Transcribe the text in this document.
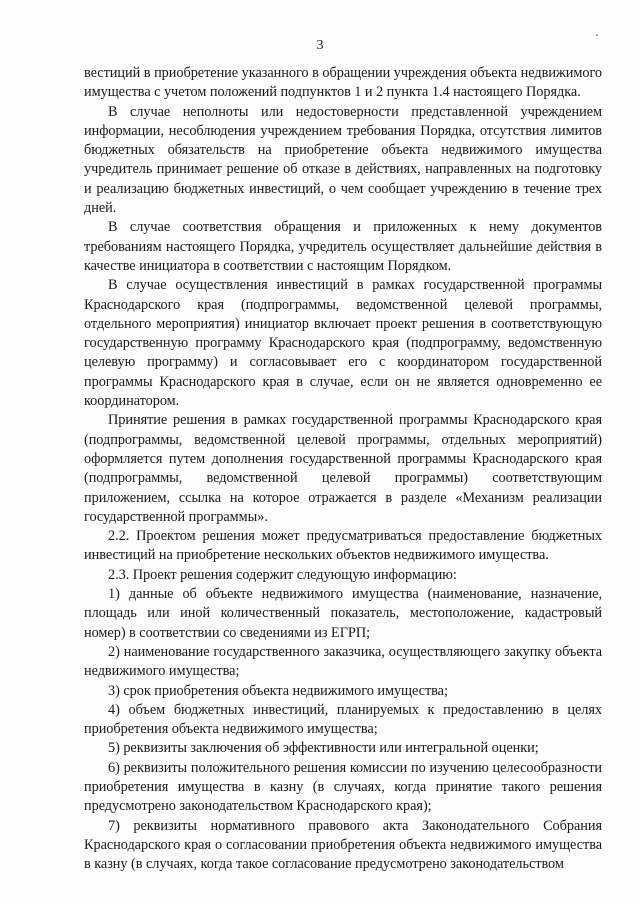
3

вестиций в приобретение указанного в обращении учреждения объекта недвижимого имущества с учетом положений подпунктов 1 и 2 пункта 1.4 настоящего Порядка.

В случае неполноты или недостоверности представленной учреждением информации, несоблюдения учреждением требования Порядка, отсутствия лимитов бюджетных обязательств на приобретение объекта недвижимого имущества учредитель принимает решение об отказе в действиях, направленных на подготовку и реализацию бюджетных инвестиций, о чем сообщает учреждению в течение трех дней.

В случае соответствия обращения и приложенных к нему документов требованиям настоящего Порядка, учредитель осуществляет дальнейшие действия в качестве инициатора в соответствии с настоящим Порядком.

В случае осуществления инвестиций в рамках государственной программы Краснодарского края (подпрограммы, ведомственной целевой программы, отдельного мероприятия) инициатор включает проект решения в соответствующую государственную программу Краснодарского края (подпрограмму, ведомственную целевую программу) и согласовывает его с координатором государственной программы Краснодарского края в случае, если он не является одновременно ее координатором.

Принятие решения в рамках государственной программы Краснодарского края (подпрограммы, ведомственной целевой программы, отдельных мероприятий) оформляется путем дополнения государственной программы Краснодарского края (подпрограммы, ведомственной целевой программы) соответствующим приложением, ссылка на которое отражается в разделе «Механизм реализации государственной программы».

2.2. Проектом решения может предусматриваться предоставление бюджетных инвестиций на приобретение нескольких объектов недвижимого имущества.

2.3. Проект решения содержит следующую информацию:

1) данные об объекте недвижимого имущества (наименование, назначение, площадь или иной количественный показатель, местоположение, кадастровый номер) в соответствии со сведениями из ЕГРП;

2) наименование государственного заказчика, осуществляющего закупку объекта недвижимого имущества;

3) срок приобретения объекта недвижимого имущества;

4) объем бюджетных инвестиций, планируемых к предоставлению в целях приобретения объекта недвижимого имущества;

5) реквизиты заключения об эффективности или интегральной оценки;

6) реквизиты положительного решения комиссии по изучению целесообразности приобретения имущества в казну (в случаях, когда принятие такого решения предусмотрено законодательством Краснодарского края);

7) реквизиты нормативного правового акта Законодательного Собрания Краснодарского края о согласовании приобретения объекта недвижимого имущества в казну (в случаях, когда такое согласование предусмотрено законодательством
